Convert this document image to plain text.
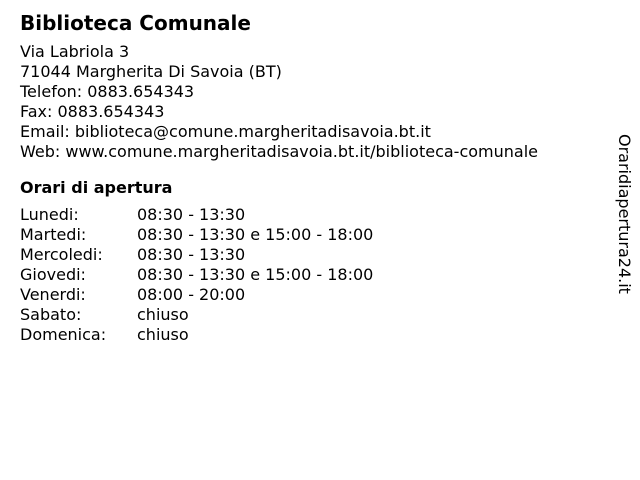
Biblioteca Comunale
Via Labriola 3
71044 Margherita Di Savoia (BT)
Telefon: 0883.654343
Fax: 0883.654343
Email: biblioteca@comune.margheritadisavoia.bt.it
Web: www.comune.margheritadisavoia.bt.it/biblioteca-comunale
Orari di apertura
Lunedi:	08:30 - 13:30
Martedi:	08:30 - 13:30 e 15:00 - 18:00
Mercoledi:	08:30 - 13:30
Giovedi:	08:30 - 13:30 e 15:00 - 18:00
Venerdi:	08:00 - 20:00
Sabato:	chiuso
Domenica:	chiuso
Oraridiapertura24.it
